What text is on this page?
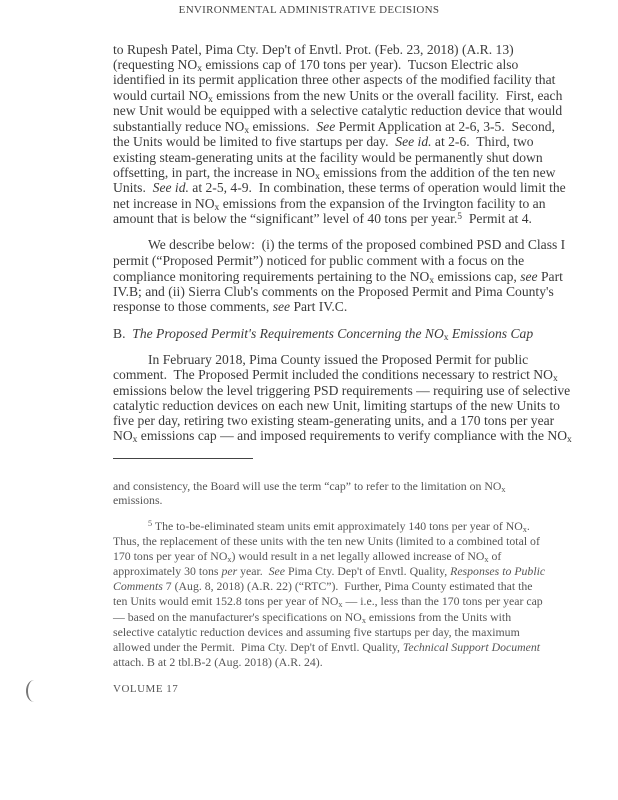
ENVIRONMENTAL ADMINISTRATIVE DECISIONS
to Rupesh Patel, Pima Cty. Dep't of Envtl. Prot. (Feb. 23, 2018) (A.R. 13)
(requesting $NO_x$ emissions cap of 170 tons per year).  Tucson Electric also
identified in its permit application three other aspects of the modified facility that
would curtail $NO_x$ emissions from the new Units or the overall facility.  First, each
new Unit would be equipped with a selective catalytic reduction device that would
substantially reduce $NO_x$ emissions.  See Permit Application at 2-6, 3-5.  Second,
the Units would be limited to five startups per day.  See id. at 2-6.  Third, two
existing steam-generating units at the facility would be permanently shut down
offsetting, in part, the increase in $NO_x$ emissions from the addition of the ten new
Units.  See id. at 2-5, 4-9.  In combination, these terms of operation would limit the
net increase in $NO_x$ emissions from the expansion of the Irvington facility to an
amount that is below the “significant” level of 40 tons per year.$^5$  Permit at 4.
We describe below:  (i) the terms of the proposed combined PSD and Class I
permit (“Proposed Permit”) noticed for public comment with a focus on the
compliance monitoring requirements pertaining to the $NO_x$ emissions cap, see Part
IV.B; and (ii) Sierra Club's comments on the Proposed Permit and Pima County's
response to those comments, see Part IV.C.
B.  The Proposed Permit's Requirements Concerning the $NO_x$ Emissions Cap
In February 2018, Pima County issued the Proposed Permit for public
comment.  The Proposed Permit included the conditions necessary to restrict $NO_x$
emissions below the level triggering PSD requirements — requiring use of selective
catalytic reduction devices on each new Unit, limiting startups of the new Units to
five per day, retiring two existing steam-generating units, and a 170 tons per year
$NO_x$ emissions cap — and imposed requirements to verify compliance with the $NO_x$
and consistency, the Board will use the term “cap” to refer to the limitation on $NO_x$
emissions.
$^5$ The to-be-eliminated steam units emit approximately 140 tons per year of $NO_x$.
Thus, the replacement of these units with the ten new Units (limited to a combined total of
170 tons per year of $NO_x$) would result in a net legally allowed increase of $NO_x$ of
approximately 30 tons per year.  See Pima Cty. Dep't of Envtl. Quality, Responses to Public
Comments 7 (Aug. 8, 2018) (A.R. 22) (“RTC”).  Further, Pima County estimated that the
ten Units would emit 152.8 tons per year of $NO_x$ — i.e., less than the 170 tons per year cap
— based on the manufacturer's specifications on $NO_x$ emissions from the Units with
selective catalytic reduction devices and assuming five startups per day, the maximum
allowed under the Permit.  Pima Cty. Dep't of Envtl. Quality, Technical Support Document
attach. B at 2 tbl.B-2 (Aug. 2018) (A.R. 24).
VOLUME 17
